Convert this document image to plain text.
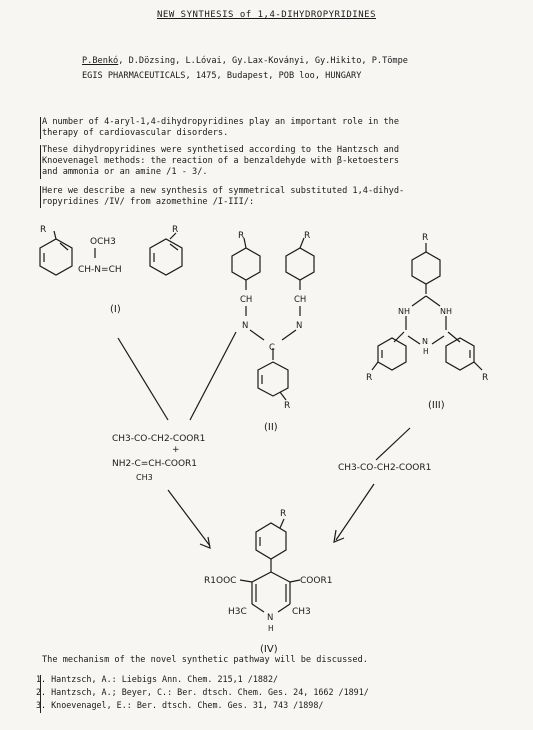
NEW SYNTHESIS of 1,4-DIHYDROPYRIDINES
P.Benkó, D.Dözsing, L.Lóvai, Gy.Lax-Koványi, Gy.Hikito, P.Tömpe
EGIS PHARMACEUTICALS, 1475, Budapest, POB loo, HUNGARY
A number of 4-aryl-1,4-dihydropyridines play an important role in the
therapy of cardiovascular disorders.
These dihydropyridines were synthetised according to the Hantzsch and
Knoevenagel methods: the reaction of a benzaldehyde with β-ketoesters
and ammonia or an amine /1 - 3/.
Here we describe a new synthesis of symmetrical substituted 1,4-dihyd-
ropyridines /IV/ from azomethine /I-III/:
R
OCH3
CH-N=CH
R
(I)
R	R
CH	CH
N	N
C
R
(II)
R
NH	NH
N
H
R	R
(III)
CH3-CO-CH2-COOR1
+
NH2-C=CH-COOR1
CH3
CH3-CO-CH2-COOR1
R
R1OOC	COOR1
H3C	CH3
N
H
(IV)
The mechanism of the novel synthetic pathway will be discussed.
1. Hantzsch, A.: Liebigs Ann. Chem. 215,1 /1882/
2. Hantzsch, A.; Beyer, C.: Ber. dtsch. Chem. Ges. 24, 1662 /1891/
3. Knoevenagel, E.: Ber. dtsch. Chem. Ges. 31, 743 /1898/
